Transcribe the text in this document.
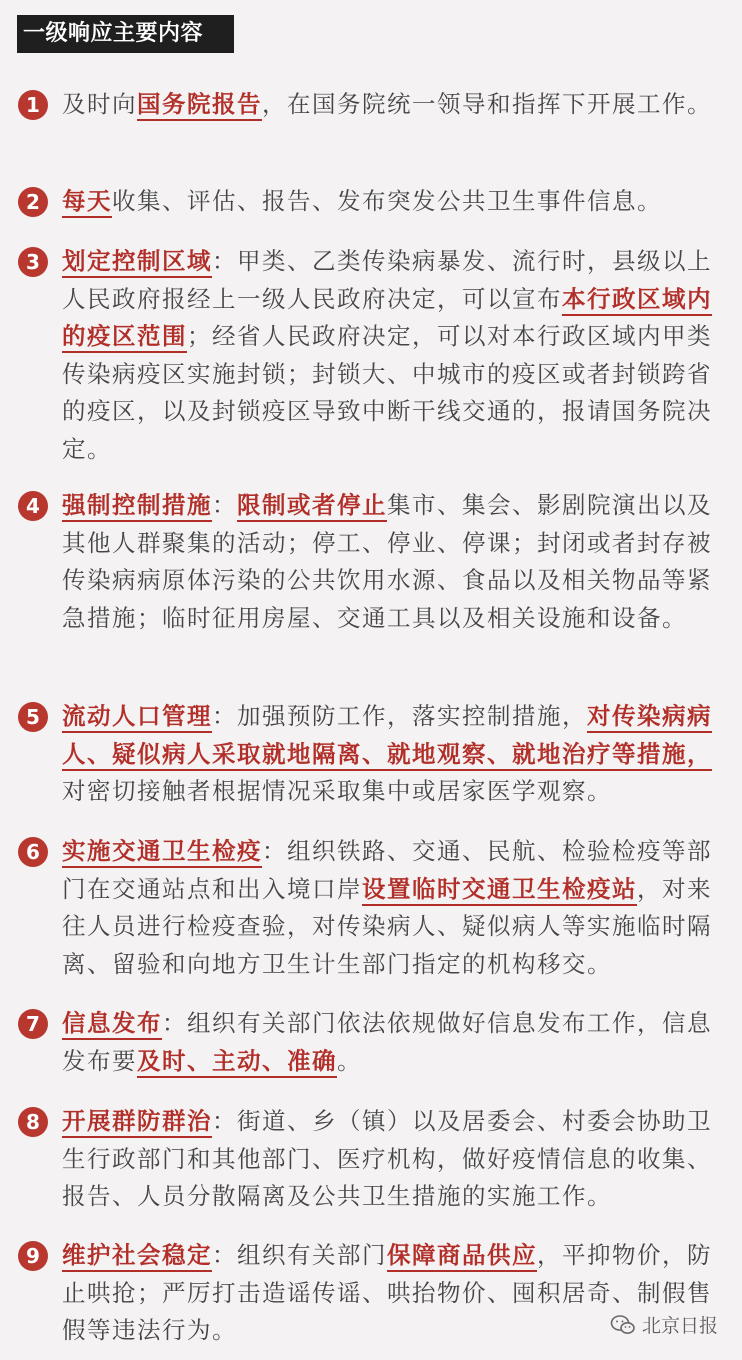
一级响应主要内容
1 及时向国务院报告，在国务院统一领导和指挥下开展工作。
2 每天收集、评估、报告、发布突发公共卫生事件信息。
3 划定控制区域：甲类、乙类传染病暴发、流行时，县级以上人民政府报经上一级人民政府决定，可以宣布本行政区域内的疫区范围；经省人民政府决定，可以对本行政区域内甲类传染病疫区实施封锁；封锁大、中城市的疫区或者封锁跨省的疫区，以及封锁疫区导致中断干线交通的，报请国务院决定。
4 强制控制措施：限制或者停止集市、集会、影剧院演出以及其他人群聚集的活动；停工、停业、停课；封闭或者封存被传染病病原体污染的公共饮用水源、食品以及相关物品等紧急措施；临时征用房屋、交通工具以及相关设施和设备。
5 流动人口管理：加强预防工作，落实控制措施，对传染病病人、疑似病人采取就地隔离、就地观察、就地治疗等措施，对密切接触者根据情况采取集中或居家医学观察。
6 实施交通卫生检疫：组织铁路、交通、民航、检验检疫等部门在交通站点和出入境口岸设置临时交通卫生检疫站，对来往人员进行检疫查验，对传染病人、疑似病人等实施临时隔离、留验和向地方卫生计生部门指定的机构移交。
7 信息发布：组织有关部门依法依规做好信息发布工作，信息发布要及时、主动、准确。
8 开展群防群治：街道、乡（镇）以及居委会、村委会协助卫生行政部门和其他部门、医疗机构，做好疫情信息的收集、报告、人员分散隔离及公共卫生措施的实施工作。
9 维护社会稳定：组织有关部门保障商品供应，平抑物价，防止哄抢；严厉打击造谣传谣、哄抬物价、囤积居奇、制假售假等违法行为。	北京日报
